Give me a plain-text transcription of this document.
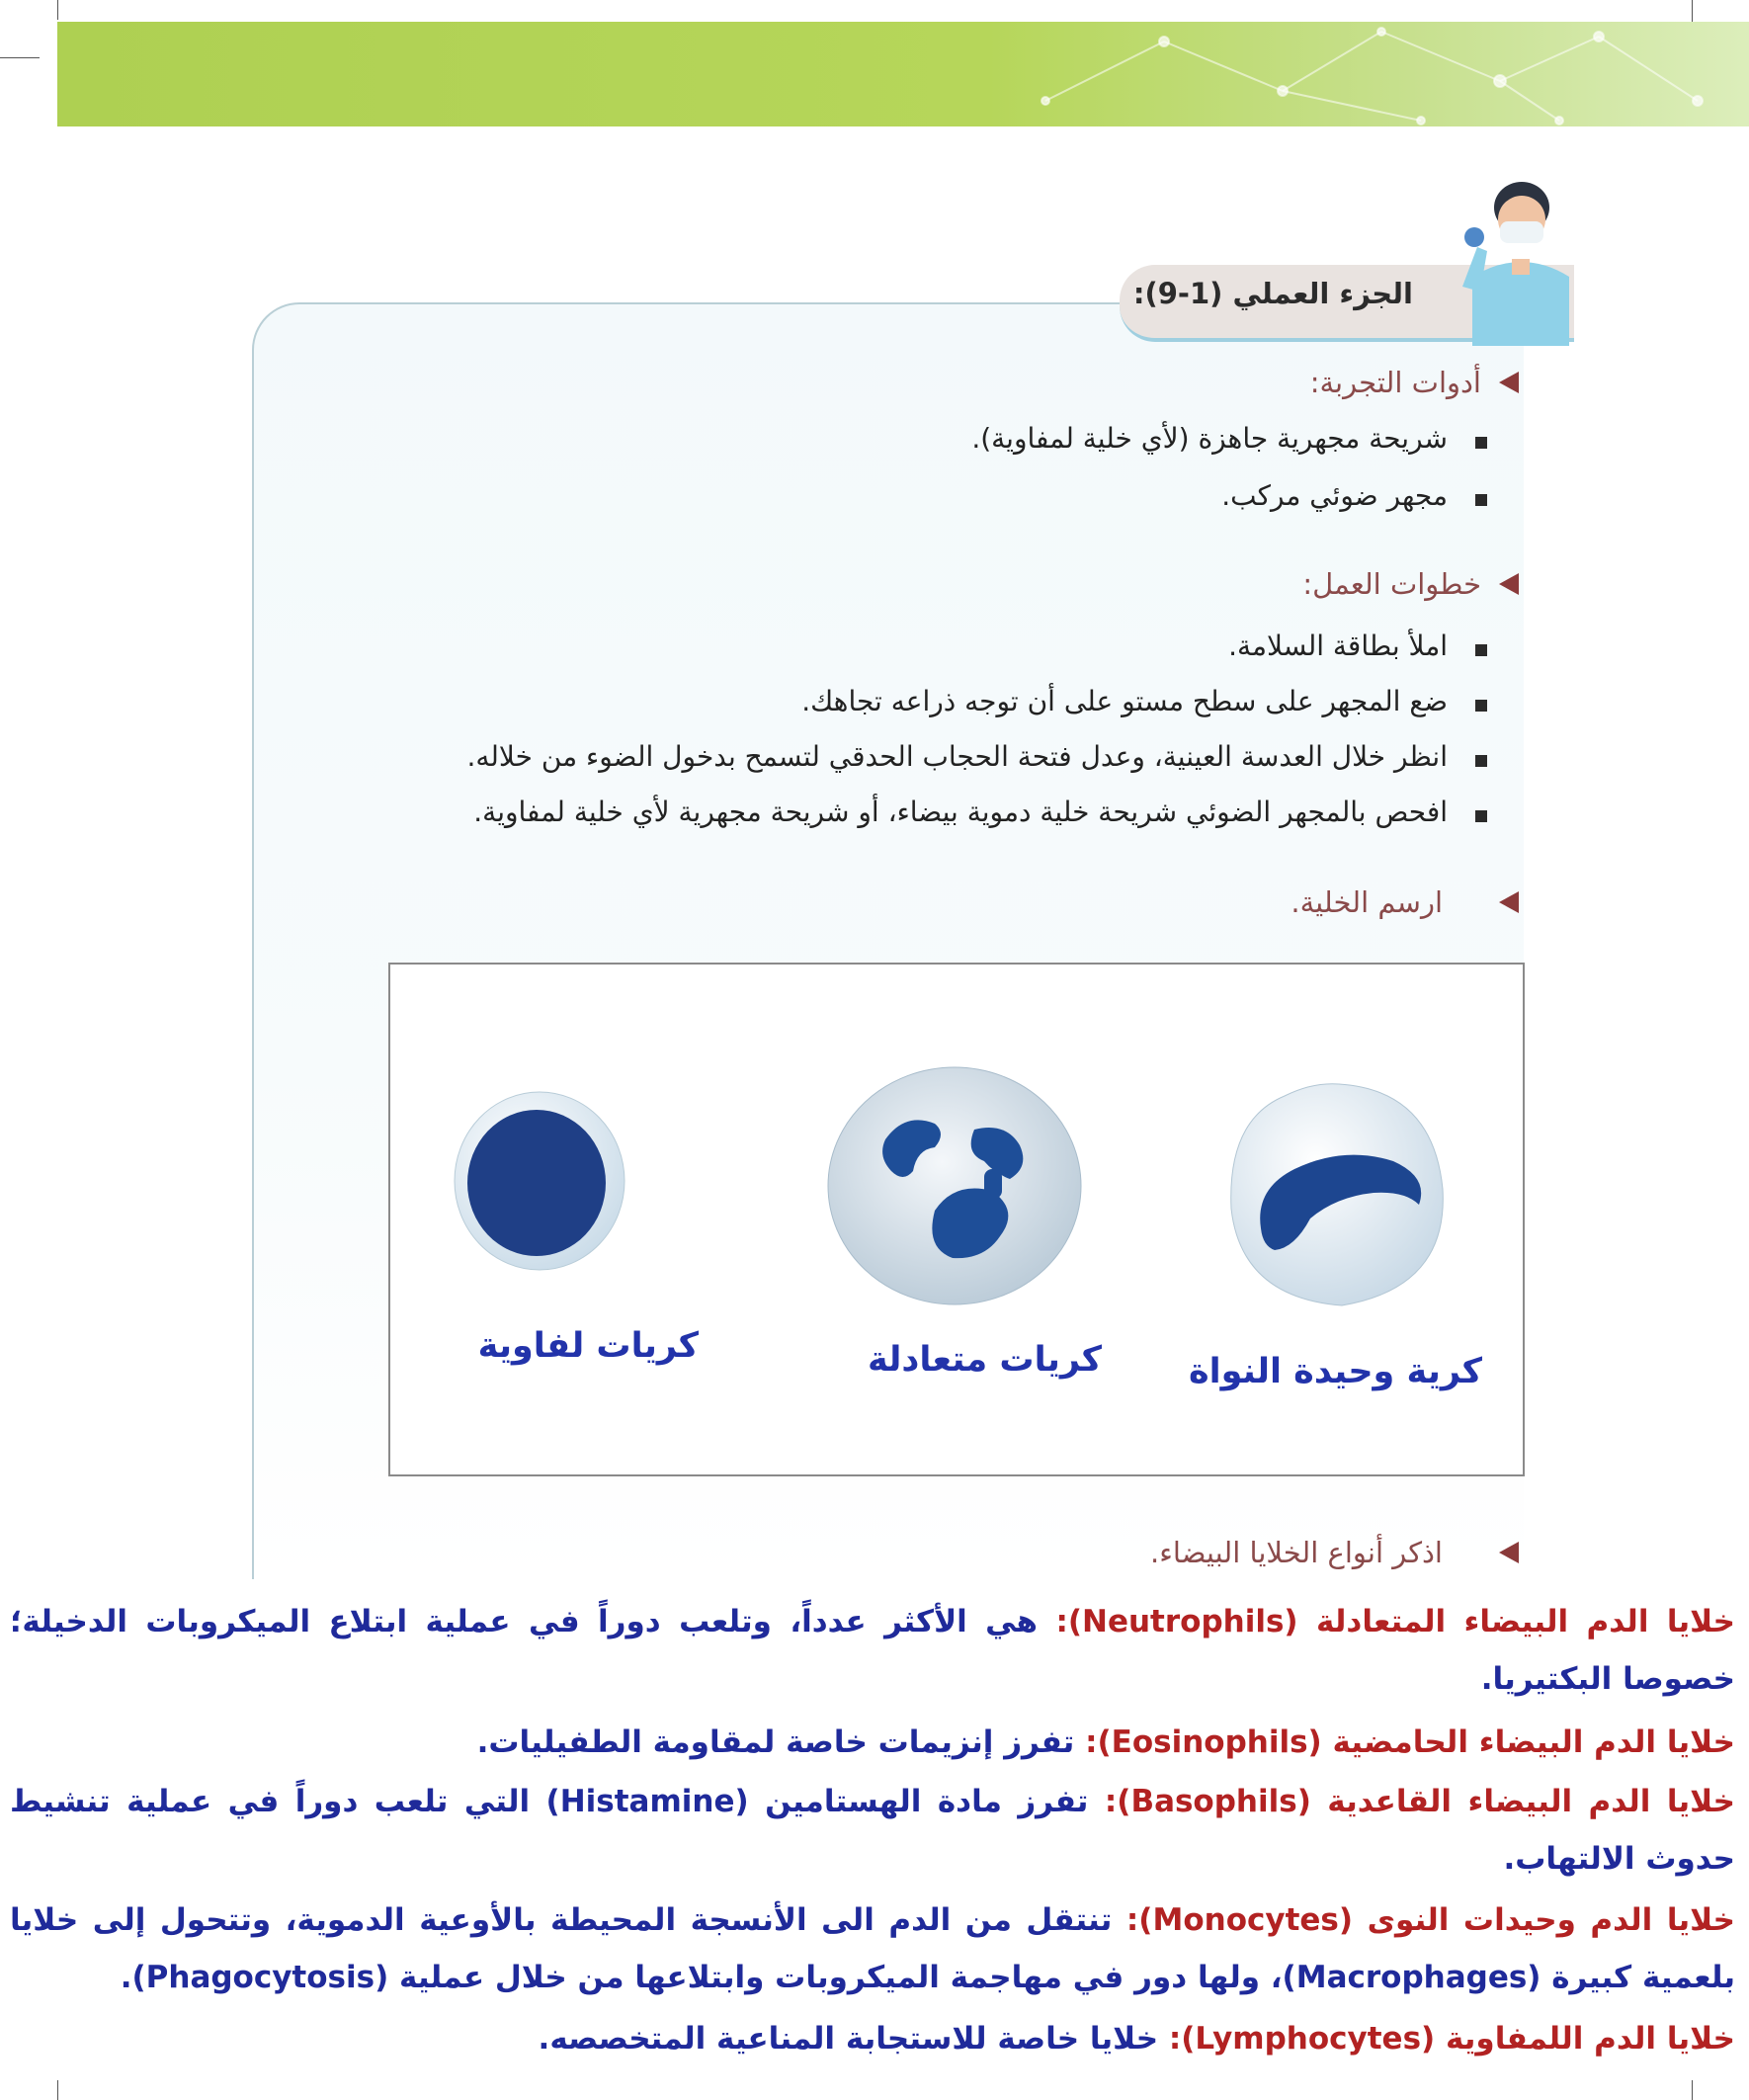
الجزء العملي (1-9):
أدوات التجربة:
شريحة مجهرية جاهزة (لأي خلية لمفاوية).
مجهر ضوئي مركب.
خطوات العمل:
املأ بطاقة السلامة.
ضع المجهر على سطح مستو على أن توجه ذراعه تجاهك.
انظر خلال العدسة العينية، وعدل فتحة الحجاب الحدقي لتسمح بدخول الضوء من خلاله.
افحص بالمجهر الضوئي شريحة خلية دموية بيضاء، أو شريحة مجهرية لأي خلية لمفاوية.
ارسم الخلية.
كريات لفاوية	كريات متعادلة	كرية وحيدة النواة
اذكر أنواع الخلايا البيضاء.
خلايا الدم البيضاء المتعادلة (Neutrophils): هي الأكثر عدداً، وتلعب دوراً في عملية ابتلاع الميكروبات الدخيلة؛ خصوصا البكتيريا.
خلايا الدم البيضاء الحامضية (Eosinophils): تفرز إنزيمات خاصة لمقاومة الطفيليات.
خلايا الدم البيضاء القاعدية (Basophils): تفرز مادة الهستامين (Histamine) التي تلعب دوراً في عملية تنشيط حدوث الالتهاب.
خلايا الدم وحيدات النوى (Monocytes): تنتقل من الدم الى الأنسجة المحيطة بالأوعية الدموية، وتتحول إلى خلايا بلعمية كبيرة (Macrophages)، ولها دور في مهاجمة الميكروبات وابتلاعها من خلال عملية (Phagocytosis).
خلايا الدم اللمفاوية (Lymphocytes): خلايا خاصة للاستجابة المناعية المتخصصه.
